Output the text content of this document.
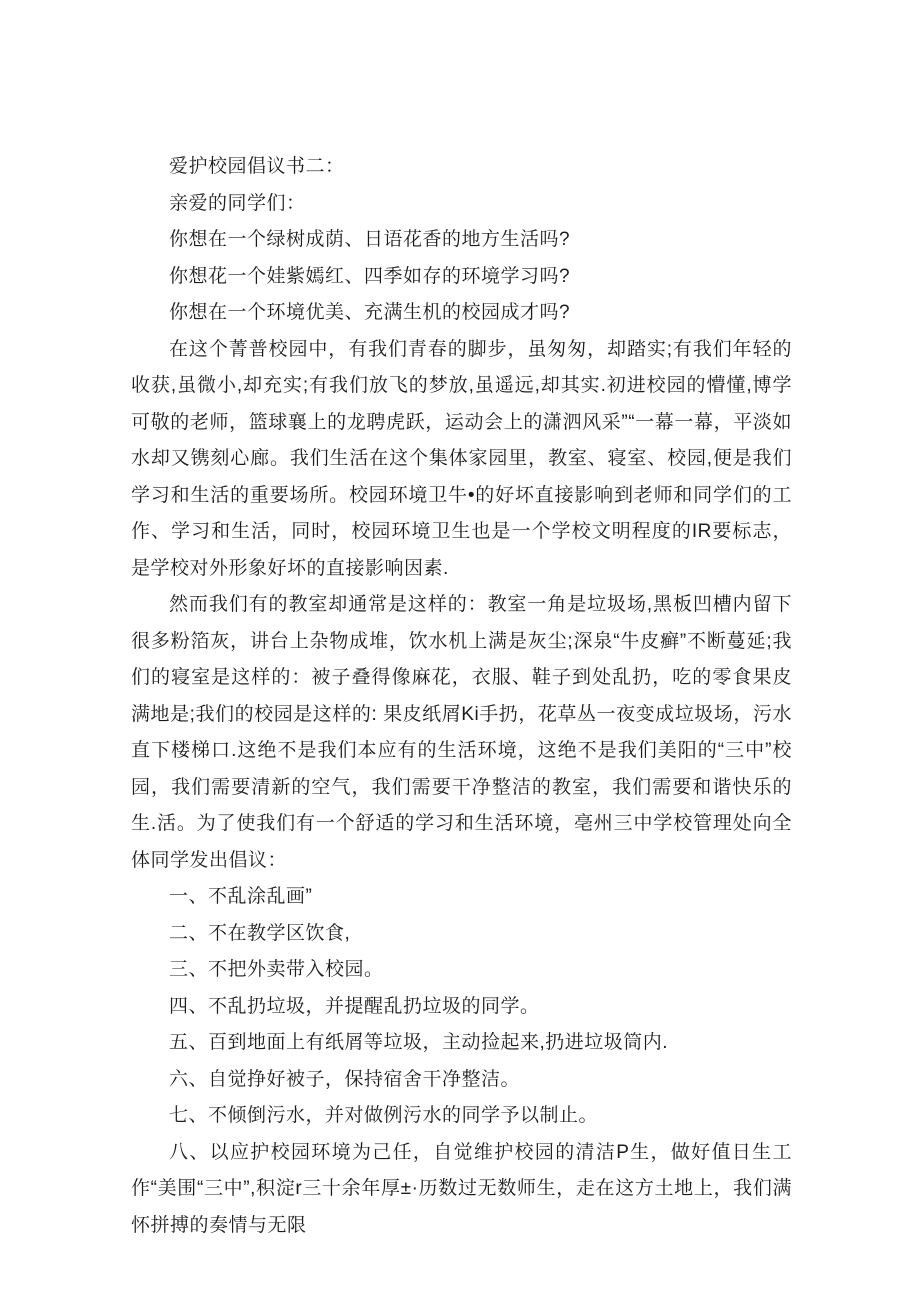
爱护校园倡议书二：

亲爱的同学们：

你想在一个绿树成荫、日语花香的地方生活吗?

你想花一个娃紫嫣红、四季如存的环境学习吗?

你想在一个环境优美、充满生机的校园成才吗?

在这个菁普校园中，有我们青春的脚步，虽匆匆，却踏实;有我们年轻的收获,虽微小,却充实;有我们放飞的梦放,虽遥远,却其实.初进校园的懵懂,博学可敬的老师，篮球襄上的龙聘虎跃，运动会上的潇泗风采”“一幕一幕，平淡如水却又镌刻心廊。我们生活在这个集体家园里，教室、寝室、校园,便是我们学习和生活的重要场所。校园环境卫牛•的好坏直接影响到老师和同学们的工作、学习和生活，同时，校园环境卫生也是一个学校文明程度的IR要标志，是学校对外形象好坏的直接影响因素.

然而我们有的教室却通常是这样的：教室一角是垃圾场,黑板凹槽内留下很多粉箔灰，讲台上杂物成堆，饮水机上满是灰尘;深泉“牛皮癣”不断蔓延;我们的寝室是这样的：被子叠得像麻花，衣服、鞋子到处乱扔，吃的零食果皮满地是;我们的校园是这样的: 果皮纸屑Ki手扔，花草丛一夜变成垃圾场，污水直下楼梯口.这绝不是我们本应有的生活环境，这绝不是我们美阳的“三中”校园，我们需要清新的空气，我们需要干净整洁的教室，我们需要和谐快乐的生.活。为了使我们有一个舒适的学习和生活环境，亳州三中学校管理处向全体同学发出倡议：

一、不乱涂乱画”

二、不在教学区饮食,

三、不把外卖带入校园。

四、不乱扔垃圾，并提醒乱扔垃圾的同学。

五、百到地面上有纸屑等垃圾，主动捡起来,扔进垃圾筒内.

六、自觉挣好被子，保持宿舍干净整洁。

七、不倾倒污水，并对做例污水的同学予以制止。

八、以应护校园环境为己任，自觉维护校园的清洁P生，做好值日生工作“美围“三中”,积淀r三十余年厚±·历数过无数师生，走在这方土地上，我们满怀拼搏的奏情与无限
